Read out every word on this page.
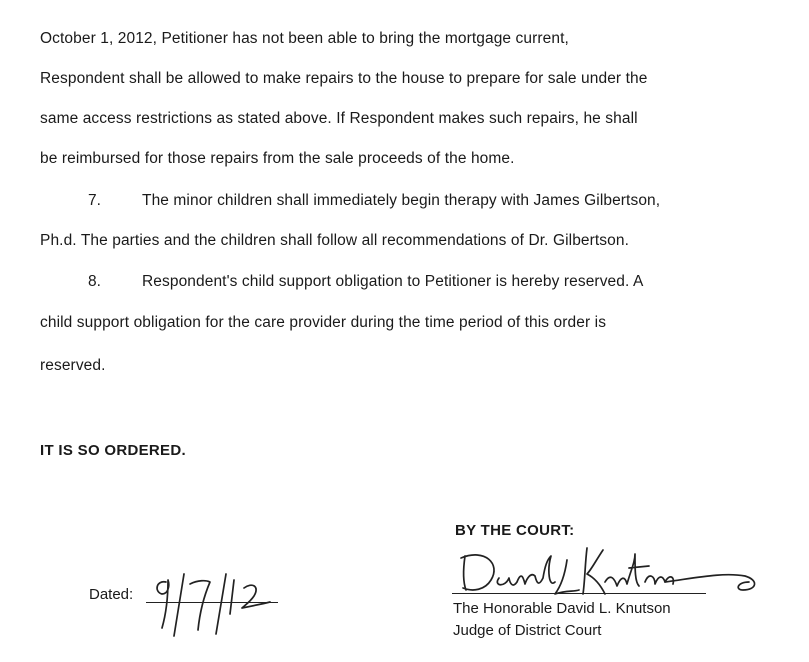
October 1, 2012, Petitioner has not been able to bring the mortgage current,
Respondent shall be allowed to make repairs to the house to prepare for sale under the
same access restrictions as stated above. If Respondent makes such repairs, he shall
be reimbursed for those repairs from the sale proceeds of the home.
7.	The minor children shall immediately begin therapy with James Gilbertson,
Ph.d. The parties and the children shall follow all recommendations of Dr. Gilbertson.
8.	Respondent's child support obligation to Petitioner is hereby reserved. A
child support obligation for the care provider during the time period of this order is
reserved.
IT IS SO ORDERED.
BY THE COURT:
The Honorable David L. Knutson
Judge of District Court
Dated:
